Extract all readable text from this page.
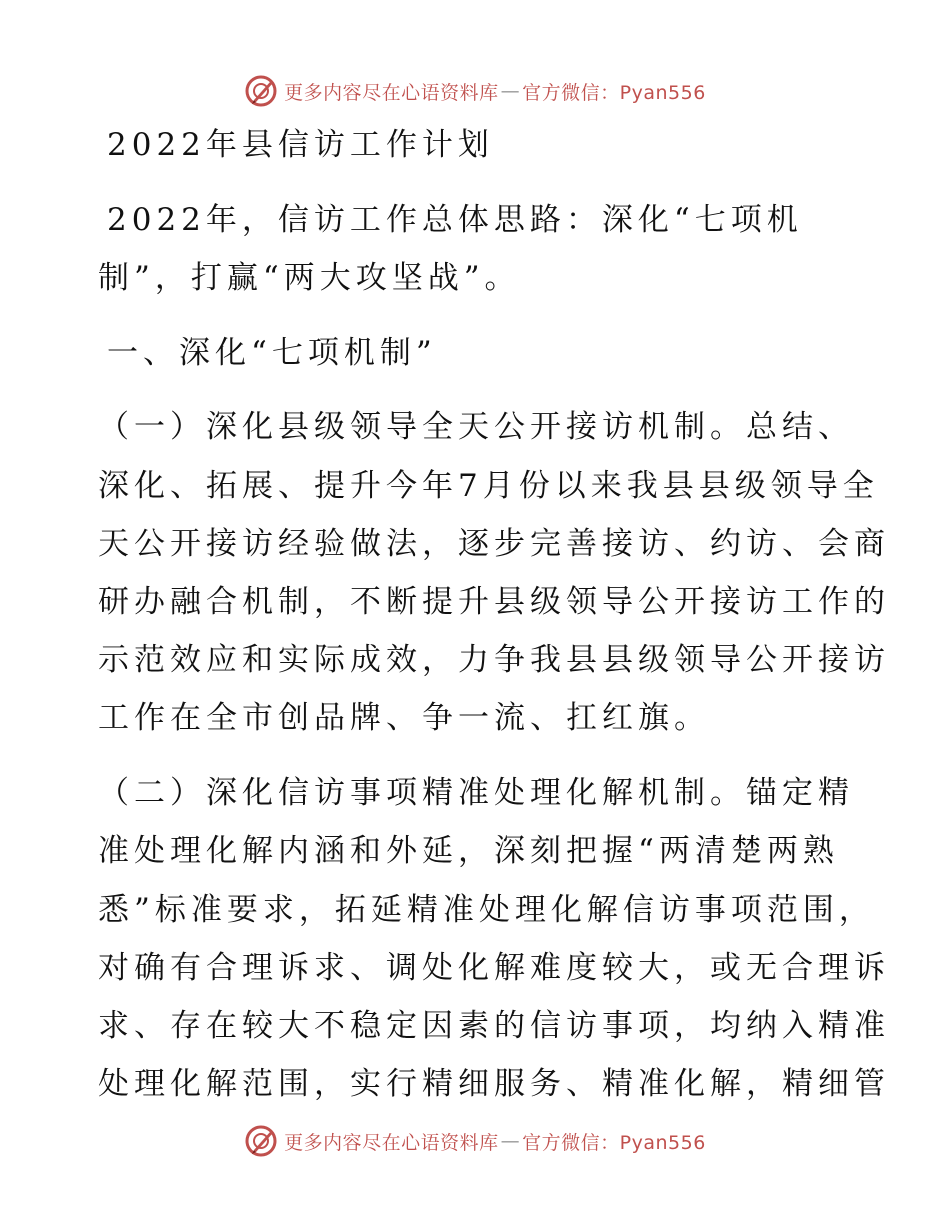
更多内容尽在心语资料库 — 官方微信：Pyan556
2022年县信访工作计划
2022年，信访工作总体思路：深化“七项机
制”，打赢“两大攻坚战”。
一、深化“七项机制”
（一）深化县级领导全天公开接访机制。总结、
深化、拓展、提升今年7月份以来我县县级领导全
天公开接访经验做法，逐步完善接访、约访、会商
研办融合机制，不断提升县级领导公开接访工作的
示范效应和实际成效，力争我县县级领导公开接访
工作在全市创品牌、争一流、扛红旗。
（二）深化信访事项精准处理化解机制。锚定精
准处理化解内涵和外延，深刻把握“两清楚两熟
悉”标准要求，拓延精准处理化解信访事项范围，
对确有合理诉求、调处化解难度较大，或无合理诉
求、存在较大不稳定因素的信访事项，均纳入精准
处理化解范围，实行精细服务、精准化解，精细管
更多内容尽在心语资料库 — 官方微信：Pyan556
